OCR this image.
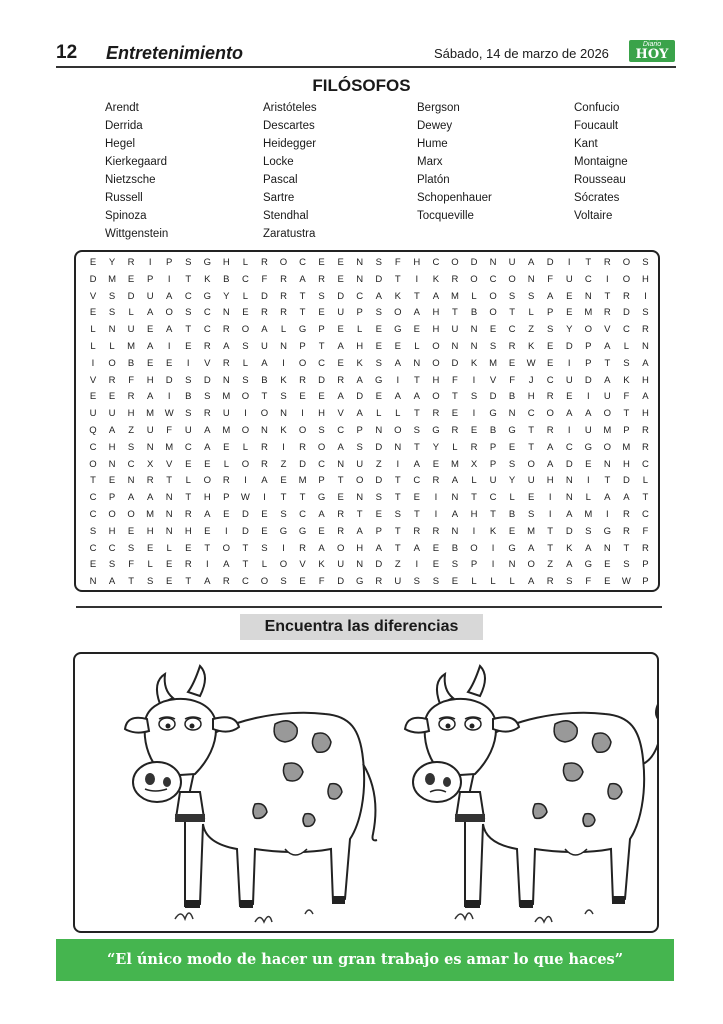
12 Entretenimiento	Sábado, 14 de marzo de 2026
Diario
HOY
FILÓSOFOS
Arendt
Derrida
Hegel
Kierkegaard
Nietzsche
Russell
Spinoza
Wittgenstein
Aristóteles
Descartes
Heidegger
Locke
Pascal
Sartre
Stendhal
Zaratustra
Bergson
Dewey
Hume
Marx
Platón
Schopenhauer
Tocqueville
Confucio
Foucault
Kant
Montaigne
Rousseau
Sócrates
Voltaire
E	Y	R	I	P	S	G	H	L	R	O	C	E	E	N	S	F	H	C	O	D	N	U	A	D	I	T	R	O	S
D	M	E	P	I	T	K	B	C	F	R	A	R	E	N	D	T	I	K	R	O	C	O	N	F	U	C	I	O	H
V	S	D	U	A	C	G	Y	L	D	R	T	S	D	C	A	K	T	A	M	L	O	S	S	A	E	N	T	R	I
E	S	L	A	O	S	C	N	E	R	R	T	E	U	P	S	O	A	H	T	B	O	T	L	P	E	M	R	D	S
L	N	U	E	A	T	C	R	O	A	L	G	P	E	L	E	G	E	H	U	N	E	C	Z	S	Y	O	V	C	R
L	L	M	A	I	E	R	A	S	U	N	P	T	A	H	E	E	L	O	N	N	S	R	K	E	D	P	A	L	N
I	O	B	E	E	I	V	R	L	A	I	O	C	E	K	S	A	N	O	D	K	M	E	W	E	I	P	T	S	A
V	R	F	H	D	S	D	N	S	B	K	R	D	R	A	G	I	T	H	F	I	V	F	J	C	U	D	A	K	H
E	E	R	A	I	B	S	M	O	T	S	E	E	A	D	E	A	A	O	T	S	D	B	H	R	E	I	U	F	A
U	U	H	M	W	S	R	U	I	O	N	I	H	V	A	L	L	T	R	E	I	G	N	C	O	A	A	O	T	H
Q	A	Z	U	F	U	A	M	O	N	K	O	S	C	P	N	O	S	G	R	E	B	G	T	R	I	U	M	P	R
C	H	S	N	M	C	A	E	L	R	I	R	O	A	S	D	N	T	Y	L	R	P	E	T	A	C	G	O	M	R
O	N	C	X	V	E	E	L	O	R	Z	D	C	N	U	Z	I	A	E	M	X	P	S	O	A	D	E	N	H	C
T	E	N	R	T	L	O	R	I	A	E	M	P	T	O	D	T	C	R	A	L	U	Y	U	H	N	I	T	D	L
C	P	A	A	N	T	H	P	W	I	T	T	G	E	N	S	T	E	I	N	T	C	L	E	I	N	L	A	A	T
C	O	O	M	N	R	A	E	D	E	S	C	A	R	T	E	S	T	I	A	H	T	B	S	I	A	M	I	R	C
S	H	E	H	N	H	E	I	D	E	G	G	E	R	A	P	T	R	R	N	I	K	E	M	T	D	S	G	R	F
C	C	S	E	L	E	T	O	T	S	I	R	A	O	H	A	T	A	E	B	O	I	G	A	T	K	A	N	T	R
E	S	F	L	E	R	I	A	T	L	O	V	K	U	N	D	Z	I	E	S	P	I	N	O	Z	A	G	E	S	P
N	A	T	S	E	T	A	R	C	O	S	E	F	D	G	R	U	S	S	E	L	L	L	A	R	S	F	E	W	P
Encuentra las diferencias
“El único modo de hacer un gran trabajo es amar lo que haces”
